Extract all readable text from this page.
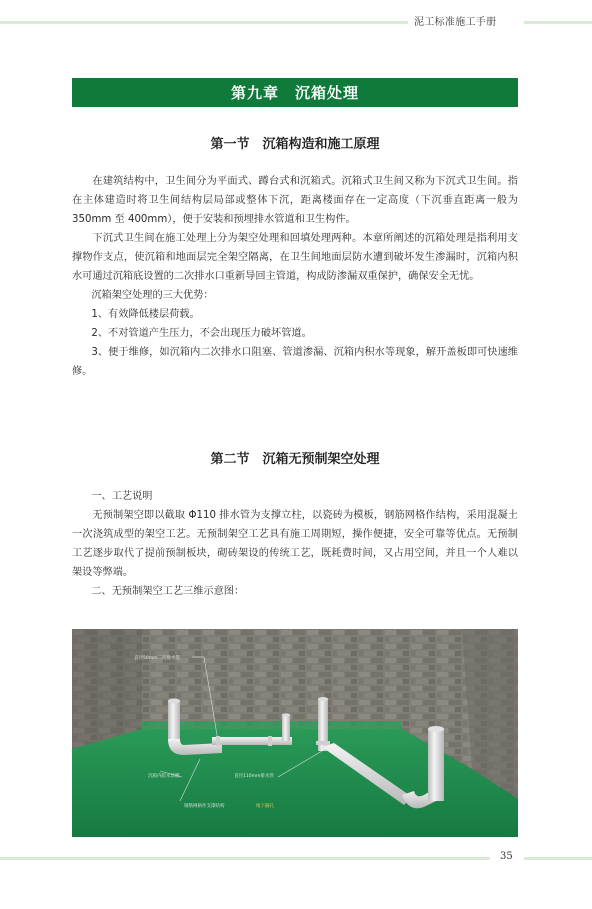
泥工标准施工手册
第九章　沉箱处理
第一节　沉箱构造和施工原理

在建筑结构中，卫生间分为平面式、蹲台式和沉箱式。沉箱式卫生间又称为下沉式卫生间。指在主体建造时将卫生间结构层局部或整体下沉，距离楼面存在一定高度（下沉垂直距离一般为 350mm 至 400mm），便于安装和预埋排水管道和卫生构件。

下沉式卫生间在施工处理上分为架空处理和回填处理两种。本章所阐述的沉箱处理是指利用支撑物作支点，使沉箱和地面层完全架空隔离，在卫生间地面层防水遭到破坏发生渗漏时，沉箱内积水可通过沉箱底设置的二次排水口重新导回主管道，构成防渗漏双重保护，确保安全无忧。

沉箱架空处理的三大优势：

1、有效降低楼层荷载。

2、不对管道产生压力，不会出现压力破坏管道。

3、便于维修，如沉箱内二次排水口阻塞、管道渗漏、沉箱内积水等现象，解开盖板即可快速维修。

第二节　沉箱无预制架空处理

一、工艺说明

无预制架空即以截取 Φ110 排水管为支撑立柱，以瓷砖为模板，钢筋网格作结构，采用混凝土一次浇筑成型的架空工艺。无预制架空工艺具有施工周期短，操作便捷，安全可靠等优点。无预制工艺逐步取代了提前预制板块，砌砖架设的传统工艺，既耗费时间，又占用空间，并且一个人难以架设等弊端。

二、无预制架空工艺三维示意图：

直径50mm二次排水管
沉箱内防水涂膜	直径110mm排水管
钢筋网格作支撑结构	地下漏孔
35
